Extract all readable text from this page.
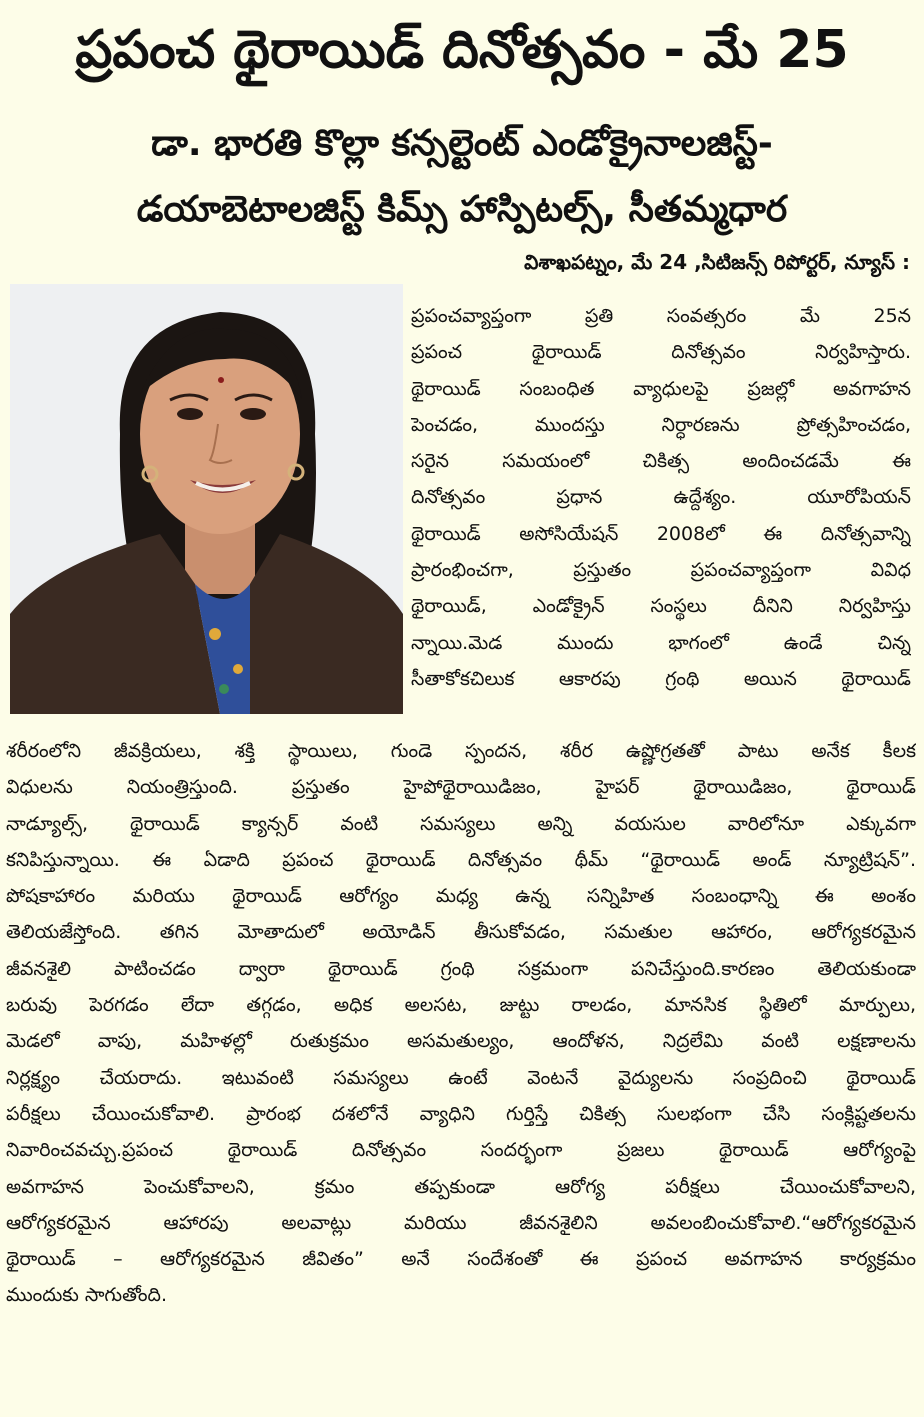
ప్రపంచ థైరాయిడ్ దినోత్సవం - మే 25
డా. భారతి కొల్లా కన్సల్టెంట్ ఎండోక్రైనాలజిస్ట్-
డయాబెటాలజిస్ట్ కిమ్స్ హాస్పిటల్స్, సీతమ్మధార
విశాఖపట్నం, మే 24 ,సిటిజన్స్ రిపోర్టర్, న్యూస్ :
ప్రపంచవ్యాప్తంగా ప్రతి సంవత్సరం మే 25న
ప్రపంచ థైరాయిడ్ దినోత్సవం నిర్వహిస్తారు.
థైరాయిడ్ సంబంధిత వ్యాధులపై ప్రజల్లో అవగాహన
పెంచడం, ముందస్తు నిర్ధారణను ప్రోత్సహించడం,
సరైన సమయంలో చికిత్స అందించడమే ఈ
దినోత్సవం ప్రధాన ఉద్దేశ్యం. యూరోపియన్
థైరాయిడ్ అసోసియేషన్ 2008లో ఈ దినోత్సవాన్ని
ప్రారంభించగా, ప్రస్తుతం ప్రపంచవ్యాప్తంగా వివిధ
థైరాయిడ్, ఎండోక్రైన్ సంస్థలు దీనిని నిర్వహిస్తు
న్నాయి.మెడ ముందు భాగంలో ఉండే చిన్న
సీతాకోకచిలుక ఆకారపు గ్రంథి అయిన థైరాయిడ్
శరీరంలోని జీవక్రియలు, శక్తి స్థాయిలు, గుండె స్పందన, శరీర ఉష్ణోగ్రతతో పాటు అనేక కీలక
విధులను నియంత్రిస్తుంది. ప్రస్తుతం హైపోథైరాయిడిజం, హైపర్ థైరాయిడిజం, థైరాయిడ్
నాడ్యూల్స్, థైరాయిడ్ క్యాన్సర్ వంటి సమస్యలు అన్ని వయసుల వారిలోనూ ఎక్కువగా
కనిపిస్తున్నాయి. ఈ ఏడాది ప్రపంచ థైరాయిడ్ దినోత్సవం థీమ్ “థైరాయిడ్ అండ్ న్యూట్రిషన్”.
పోషకాహారం మరియు థైరాయిడ్ ఆరోగ్యం మధ్య ఉన్న సన్నిహిత సంబంధాన్ని ఈ అంశం
తెలియజేస్తోంది. తగిన మోతాదులో అయోడిన్ తీసుకోవడం, సమతుల ఆహారం, ఆరోగ్యకరమైన
జీవనశైలి పాటించడం ద్వారా థైరాయిడ్ గ్రంథి సక్రమంగా పనిచేస్తుంది.కారణం తెలియకుండా
బరువు పెరగడం లేదా తగ్గడం, అధిక అలసట, జుట్టు రాలడం, మానసిక స్థితిలో మార్పులు,
మెడలో వాపు, మహిళల్లో రుతుక్రమం అసమతుల్యం, ఆందోళన, నిద్రలేమి వంటి లక్షణాలను
నిర్లక్ష్యం చేయరాదు. ఇటువంటి సమస్యలు ఉంటే వెంటనే వైద్యులను సంప్రదించి థైరాయిడ్
పరీక్షలు చేయించుకోవాలి. ప్రారంభ దశలోనే వ్యాధిని గుర్తిస్తే చికిత్స సులభంగా చేసి సంక్లిష్టతలను
నివారించవచ్చు.ప్రపంచ థైరాయిడ్ దినోత్సవం సందర్భంగా ప్రజలు థైరాయిడ్ ఆరోగ్యంపై
అవగాహన పెంచుకోవాలని, క్రమం తప్పకుండా ఆరోగ్య పరీక్షలు చేయించుకోవాలని,
ఆరోగ్యకరమైన ఆహారపు అలవాట్లు మరియు జీవనశైలిని అవలంబించుకోవాలి.“ఆరోగ్యకరమైన
థైరాయిడ్ – ఆరోగ్యకరమైన జీవితం” అనే సందేశంతో ఈ ప్రపంచ అవగాహన కార్యక్రమం
ముందుకు సాగుతోంది.
